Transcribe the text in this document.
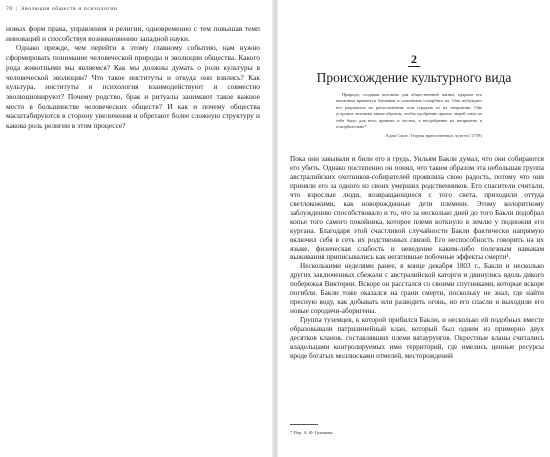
70 | Эволюция обществ и психологии
новых форм права, управления и религии, одновременно с тем повышая темп инноваций и способствуя возникновению западной науки.
Однако прежде, чем перейти к этому главному событию, нам нужно сформировать понимание человеческой природы и эволюции общества. Какого рода животными мы являемся? Как мы должны думать о роли культуры в человеческой эволюции? Что такое институты и откуда они взялись? Как культура, институты и психология взаимодействуют и совместно эволюционируют? Почему родство, брак и ритуалы занимают такое важное место в большинстве человеческих обществ? И как и почему общества масштабируются в сторону увеличения и обретают более сложную структуру и какова роль религии в этом процессе?
2
Происхождение культурного вида
Природа, создавая человека для общественной жизни, одарила его желанием нравиться ближним и опасением оскорбить их. Она побуждает его радоваться их расположению или страдать от их неприязни. Она устроила человека таким образом, чтобы одобрение прочих людей само по себе было для него приятно и лестно, а неодобрение их неприятно и оскорбительно*.
Адам Смит. Теория нравственных чувств (1759)
Пока они завывали и били его в грудь, Уильям Бакли думал, что они собираются его убить. Однако постепенно он понял, что таким образом эта небольшая группа австралийских охотников-собирателей проявляла свою радость, потому что они приняли его за одного из своих умерших родственников. Его спасители считали, что взрослые люди, возвращающиеся с того света, приходили оттуда светлокожими, как новорожденные дети племени. Этому колоритному заблуждению способствовало и то, что за несколько дней до того Бакли подобрал копье того самого покойника, которое племя воткнуло в землю у подножия его кургана. Благодаря этой счастливой случайности Бакли фактически напрямую включил себя в сеть их родственных связей. Его неспособность говорить на их языке, физическая слабость и неведение каким-либо полезным навыкам выживания приписывались как негативные побочные эффекты смерти¹.
Несколькими неделями ранее, в конце декабря 1803 г., Бакли и несколько других заключенных сбежали с австралийской каторги и двинулись вдоль дикого побережья Виктории. Вскоре он расстался со своими спутниками, которые вскоре погибли. Бакли тоже оказался на грани смерти, поскольку не знал, где найти пресную воду, как добывать или разводить огонь, но его спасли и выходили его новые сородичи-аборигены.
Группа туземцев, к которой прибился Бакли, и несколько ей подобных вместе образовывали патрилинейный клан, который был одним из примерно двух десятков кланов, составлявших племя ватаурунгов. Окрестные кланы считались владельцами контролируемых ими территорий, где имелись ценные ресурсы вроде богатых моллюсками отмелей, месторождений
* Пер. А. Ф. Грязнова.
